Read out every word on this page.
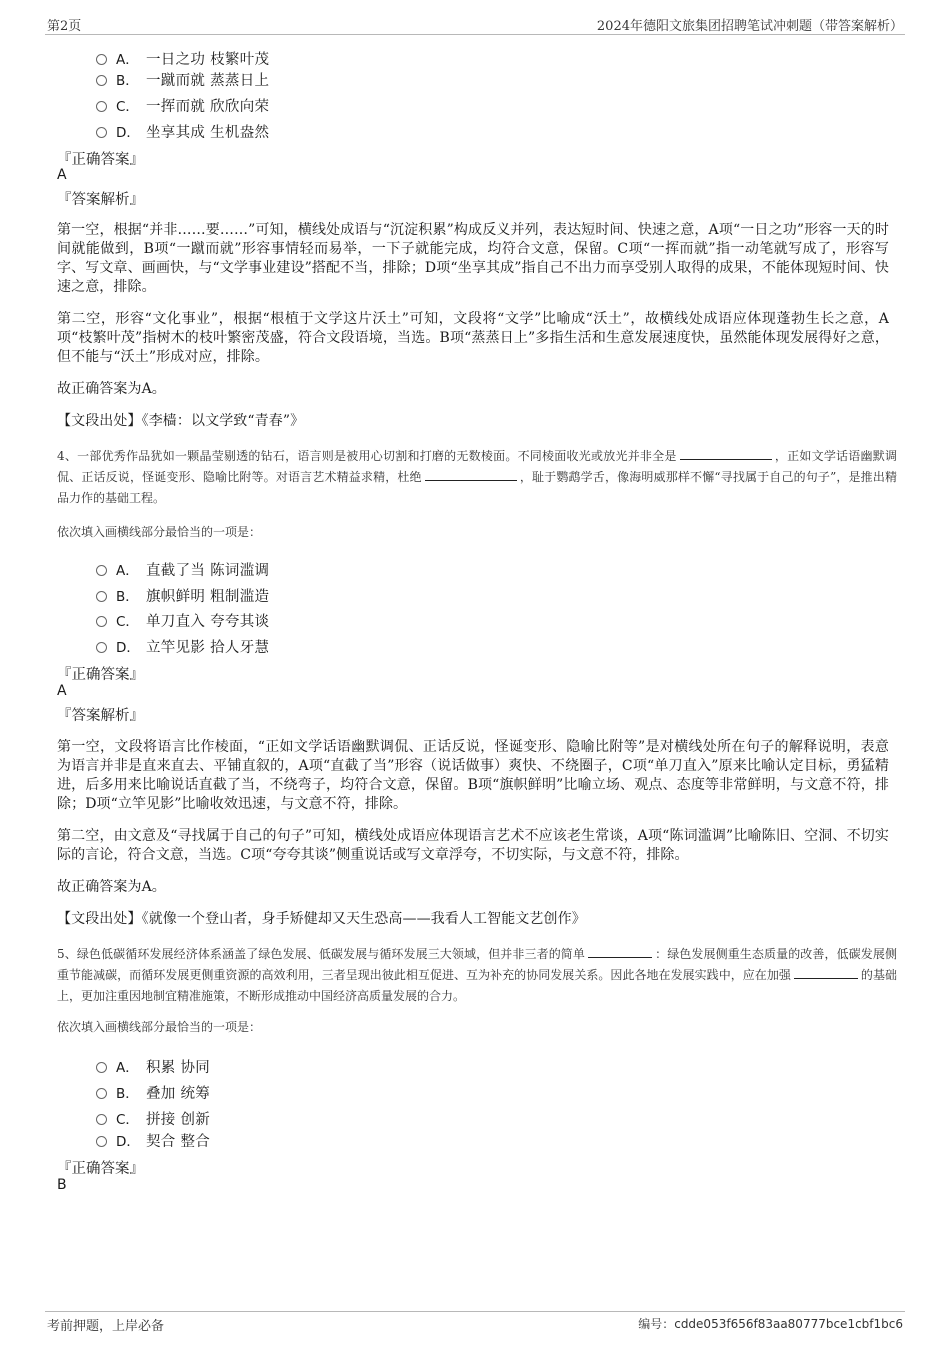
第2页	2024年德阳文旅集团招聘笔试冲刺题（带答案解析）
A． 一日之功 枝繁叶茂
B． 一蹴而就 蒸蒸日上
C． 一挥而就 欣欣向荣
D． 坐享其成 生机盎然
『正确答案』
A
『答案解析』

第一空，根据“并非……要……”可知，横线处成语与“沉淀积累”构成反义并列，表达短时间、快速之意，A项“一日之功”形容一天的时间就能做到，B项“一蹴而就”形容事情轻而易举，一下子就能完成，均符合文意，保留。C项“一挥而就”指一动笔就写成了，形容写字、写文章、画画快，与“文学事业建设”搭配不当，排除；D项“坐享其成”指自己不出力而享受别人取得的成果，不能体现短时间、快速之意，排除。

第二空，形容“文化事业”，根据“根植于文学这片沃土”可知，文段将“文学”比喻成“沃土”，故横线处成语应体现蓬勃生长之意，A项“枝繁叶茂”指树木的枝叶繁密茂盛，符合文段语境，当选。B项“蒸蒸日上”多指生活和生意发展速度快，虽然能体现发展得好之意，但不能与“沃土”形成对应，排除。

故正确答案为A。

【文段出处】《李樯：以文学致“青春”》

4、一部优秀作品犹如一颗晶莹剔透的钻石，语言则是被用心切割和打磨的无数棱面。不同棱面收光或放光并非全是	，正如文学话语幽默调侃、正话反说，怪诞变形、隐喻比附等。对语言艺术精益求精，杜绝	，耻于鹦鹉学舌，像海明威那样不懈“寻找属于自己的句子”，是推出精品力作的基础工程。

依次填入画横线部分最恰当的一项是：

A． 直截了当 陈词滥调
B． 旗帜鲜明 粗制滥造
C． 单刀直入 夸夸其谈
D． 立竿见影 拾人牙慧
『正确答案』
A
『答案解析』

第一空，文段将语言比作棱面，“正如文学话语幽默调侃、正话反说，怪诞变形、隐喻比附等”是对横线处所在句子的解释说明，表意为语言并非是直来直去、平铺直叙的，A项“直截了当”形容（说话做事）爽快、不绕圈子，C项“单刀直入”原来比喻认定目标，勇猛精进，后多用来比喻说话直截了当，不绕弯子，均符合文意，保留。B项“旗帜鲜明”比喻立场、观点、态度等非常鲜明，与文意不符，排除；D项“立竿见影”比喻收效迅速，与文意不符，排除。

第二空，由文意及“寻找属于自己的句子”可知，横线处成语应体现语言艺术不应该老生常谈，A项“陈词滥调”比喻陈旧、空洞、不切实际的言论，符合文意，当选。C项“夸夸其谈”侧重说话或写文章浮夸，不切实际，与文意不符，排除。

故正确答案为A。

【文段出处】《就像一个登山者，身手矫健却又天生恐高——我看人工智能文艺创作》

5、绿色低碳循环发展经济体系涵盖了绿色发展、低碳发展与循环发展三大领域，但并非三者的简单	：绿色发展侧重生态质量的改善，低碳发展侧重节能减碳，而循环发展更侧重资源的高效利用，三者呈现出彼此相互促进、互为补充的协同发展关系。因此各地在发展实践中，应在加强	的基础上，更加注重因地制宜精准施策，不断形成推动中国经济高质量发展的合力。

依次填入画横线部分最恰当的一项是：

A． 积累 协同
B． 叠加 统筹
C． 拼接 创新
D． 契合 整合
『正确答案』
B
考前押题，上岸必备	编号：cdde053f656f83aa80777bce1cbf1bc6
